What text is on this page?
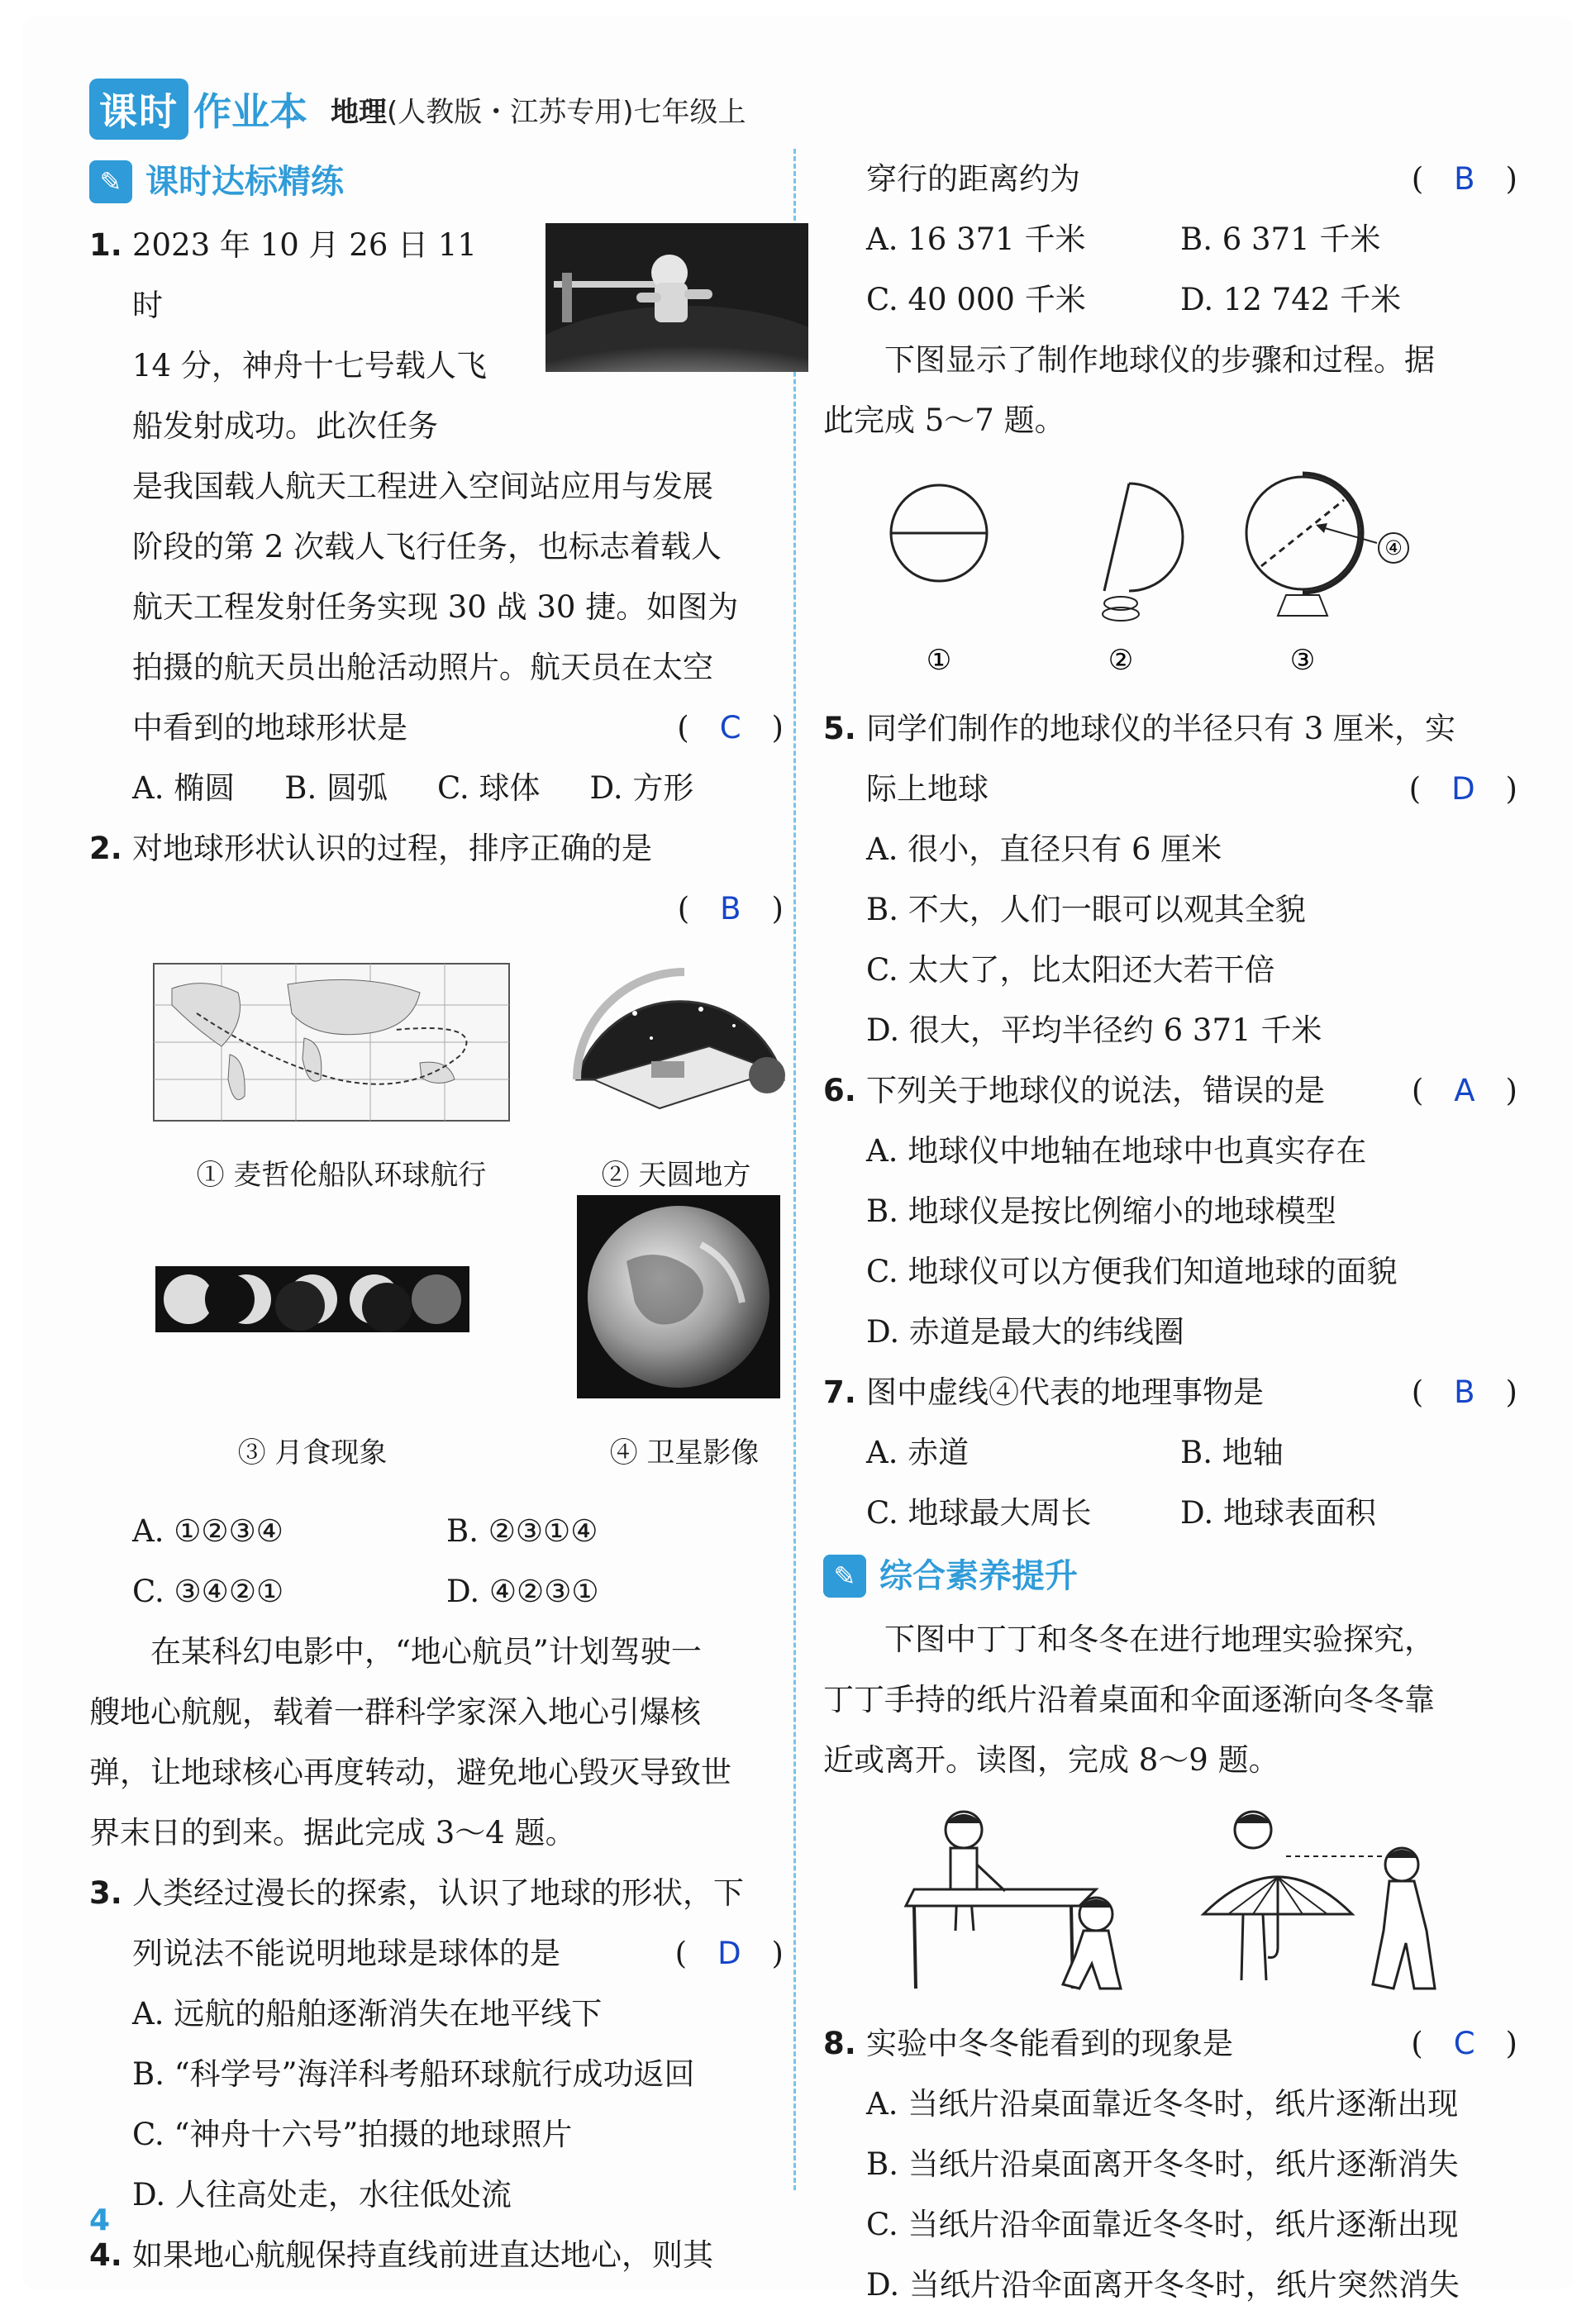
课时 作业本 地理(人教版・江苏专用)七年级上
✎ 课时达标精练
1. 2023 年 10 月 26 日 11 时
14 分，神舟十七号载人飞
船发射成功。此次任务
是我国载人航天工程进入空间站应用与发展
阶段的第 2 次载人飞行任务，也标志着载人
航天工程发射任务实现 30 战 30 捷。如图为
拍摄的航天员出舱活动照片。航天员在太空
中看到的地球形状是	(　C　)
A. 椭圆 B. 圆弧 C. 球体 D. 方形
2. 对地球形状认识的过程，排序正确的是
(　B　)
① 麦哲伦船队环球航行	② 天圆地方
③ 月食现象	④ 卫星影像
A. ①②③④	B. ②③①④
C. ③④②①	D. ④②③①
在某科幻电影中，“地心航员”计划驾驶一
艘地心航舰，载着一群科学家深入地心引爆核
弹，让地球核心再度转动，避免地心毁灭导致世
界末日的到来。据此完成 3～4 题。
3. 人类经过漫长的探索，认识了地球的形状，下
列说法不能说明地球是球体的是	(　D　)
A. 远航的船舶逐渐消失在地平线下
B. “科学号”海洋科考船环球航行成功返回
C. “神舟十六号”拍摄的地球照片
D. 人往高处走，水往低处流
4. 如果地心航舰保持直线前进直达地心，则其
穿行的距离约为	(　B　)
A. 16 371 千米	B. 6 371 千米
C. 40 000 千米	D. 12 742 千米
下图显示了制作地球仪的步骤和过程。据
此完成 5～7 题。
④
①	②	③
5. 同学们制作的地球仪的半径只有 3 厘米，实
际上地球	(　D　)
A. 很小，直径只有 6 厘米
B. 不大，人们一眼可以观其全貌
C. 太大了，比太阳还大若干倍
D. 很大，平均半径约 6 371 千米
6. 下列关于地球仪的说法，错误的是	(　A　)
A. 地球仪中地轴在地球中也真实存在
B. 地球仪是按比例缩小的地球模型
C. 地球仪可以方便我们知道地球的面貌
D. 赤道是最大的纬线圈
7. 图中虚线④代表的地理事物是	(　B　)
A. 赤道	B. 地轴
C. 地球最大周长	D. 地球表面积
✎ 综合素养提升
下图中丁丁和冬冬在进行地理实验探究，
丁丁手持的纸片沿着桌面和伞面逐渐向冬冬靠
近或离开。读图，完成 8～9 题。
8. 实验中冬冬能看到的现象是	(　C　)
A. 当纸片沿桌面靠近冬冬时，纸片逐渐出现
B. 当纸片沿桌面离开冬冬时，纸片逐渐消失
C. 当纸片沿伞面靠近冬冬时，纸片逐渐出现
D. 当纸片沿伞面离开冬冬时，纸片突然消失
4
